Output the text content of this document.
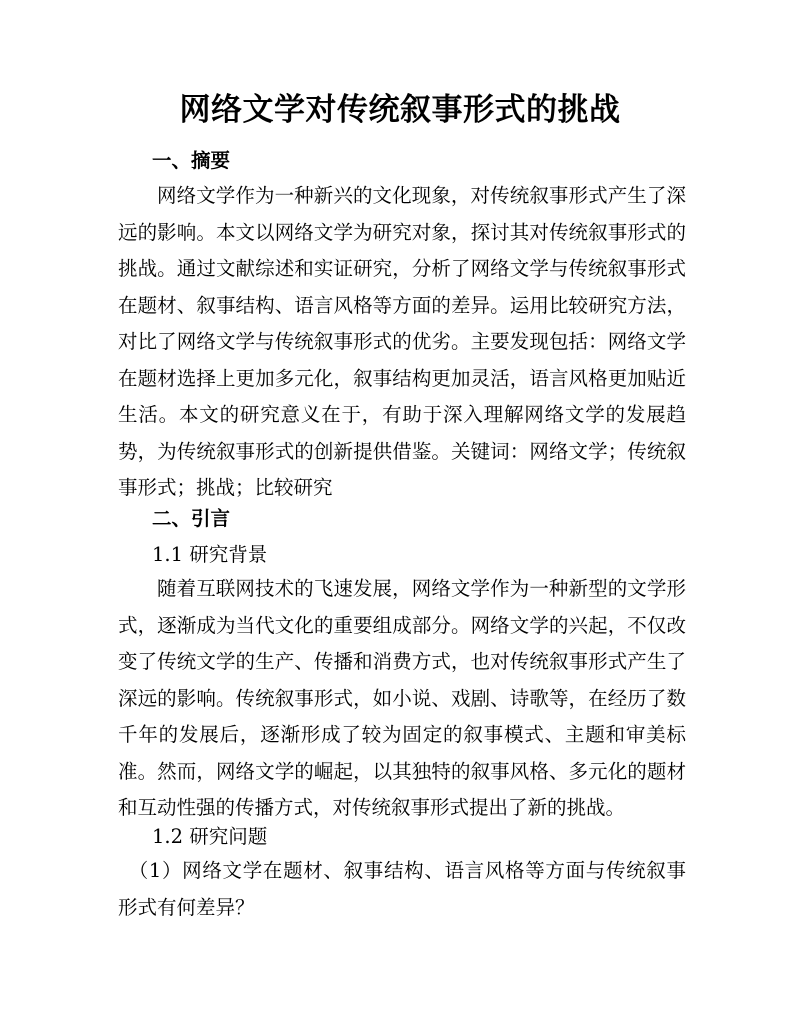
网络文学对传统叙事形式的挑战
一、摘要

网络文学作为一种新兴的文化现象，对传统叙事形式产生了深远的影响。本文以网络文学为研究对象，探讨其对传统叙事形式的挑战。通过文献综述和实证研究，分析了网络文学与传统叙事形式在题材、叙事结构、语言风格等方面的差异。运用比较研究方法，对比了网络文学与传统叙事形式的优劣。主要发现包括：网络文学在题材选择上更加多元化，叙事结构更加灵活，语言风格更加贴近生活。本文的研究意义在于，有助于深入理解网络文学的发展趋势，为传统叙事形式的创新提供借鉴。关键词：网络文学；传统叙事形式；挑战；比较研究

二、引言
1.1 研究背景

随着互联网技术的飞速发展，网络文学作为一种新型的文学形式，逐渐成为当代文化的重要组成部分。网络文学的兴起，不仅改变了传统文学的生产、传播和消费方式，也对传统叙事形式产生了深远的影响。传统叙事形式，如小说、戏剧、诗歌等，在经历了数千年的发展后，逐渐形成了较为固定的叙事模式、主题和审美标准。然而，网络文学的崛起，以其独特的叙事风格、多元化的题材和互动性强的传播方式，对传统叙事形式提出了新的挑战。

1.2 研究问题

（1）网络文学在题材、叙事结构、语言风格等方面与传统叙事形式有何差异？
